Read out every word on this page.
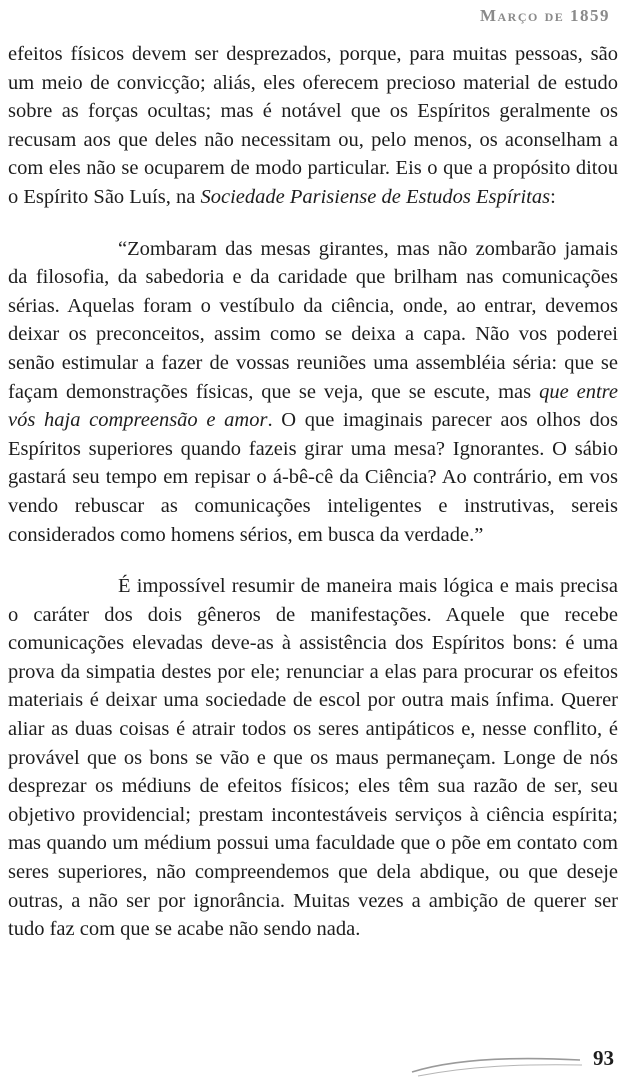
Março de 1859

efeitos físicos devem ser desprezados, porque, para muitas pessoas, são um meio de convicção; aliás, eles oferecem precioso material de estudo sobre as forças ocultas; mas é notável que os Espíritos geralmente os recusam aos que deles não necessitam ou, pelo menos, os aconselham a com eles não se ocuparem de modo particular. Eis o que a propósito ditou o Espírito São Luís, na Sociedade Parisiense de Estudos Espíritas:

“Zombaram das mesas girantes, mas não zombarão jamais da filosofia, da sabedoria e da caridade que brilham nas comunicações sérias. Aquelas foram o vestíbulo da ciência, onde, ao entrar, devemos deixar os preconceitos, assim como se deixa a capa. Não vos poderei senão estimular a fazer de vossas reuniões uma assembléia séria: que se façam demonstrações físicas, que se veja, que se escute, mas que entre vós haja compreensão e amor. O que imaginais parecer aos olhos dos Espíritos superiores quando fazeis girar uma mesa? Ignorantes. O sábio gastará seu tempo em repisar o á-bê-cê da Ciência? Ao contrário, em vos vendo rebuscar as comunicações inteligentes e instrutivas, sereis considerados como homens sérios, em busca da verdade.”

É impossível resumir de maneira mais lógica e mais precisa o caráter dos dois gêneros de manifestações. Aquele que recebe comunicações elevadas deve-as à assistência dos Espíritos bons: é uma prova da simpatia destes por ele; renunciar a elas para procurar os efeitos materiais é deixar uma sociedade de escol por outra mais ínfima. Querer aliar as duas coisas é atrair todos os seres antipáticos e, nesse conflito, é provável que os bons se vão e que os maus permaneçam. Longe de nós desprezar os médiuns de efeitos físicos; eles têm sua razão de ser, seu objetivo providencial; prestam incontestáveis serviços à ciência espírita; mas quando um médium possui uma faculdade que o põe em contato com seres superiores, não compreendemos que dela abdique, ou que deseje outras, a não ser por ignorância. Muitas vezes a ambição de querer ser tudo faz com que se acabe não sendo nada.

93
